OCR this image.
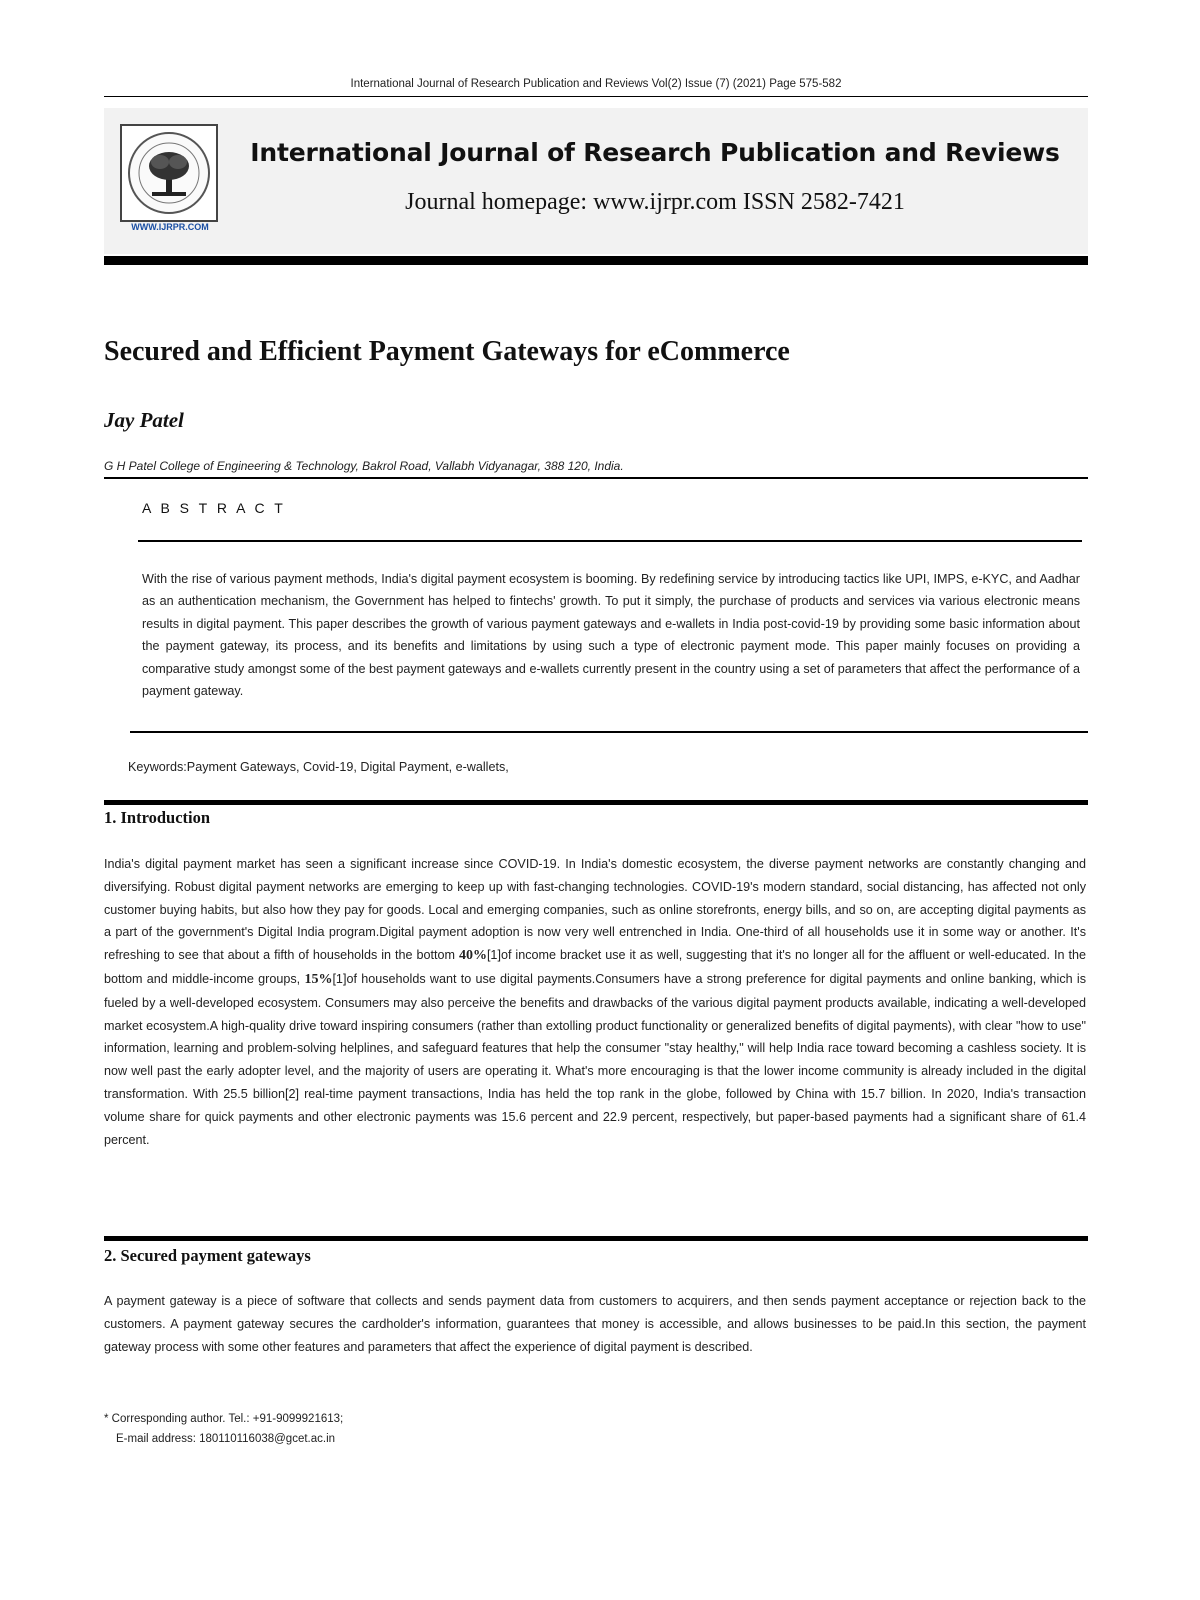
International Journal of Research Publication and Reviews Vol(2) Issue (7) (2021) Page 575-582
WWW.IJRPR.COM
International Journal of Research Publication and Reviews
Journal homepage: www.ijrpr.com ISSN 2582-7421
Secured and Efficient Payment Gateways for eCommerce
Jay Patel
G H Patel College of Engineering & Technology, Bakrol Road, Vallabh Vidyanagar, 388 120, India.
A B S T R A C T
With the rise of various payment methods, India's digital payment ecosystem is booming. By redefining service by introducing tactics like UPI, IMPS, e-KYC, and Aadhar as an authentication mechanism, the Government has helped to fintechs' growth. To put it simply, the purchase of products and services via various electronic means results in digital payment. This paper describes the growth of various payment gateways and e-wallets in India post-covid-19 by providing some basic information about the payment gateway, its process, and its benefits and limitations by using such a type of electronic payment mode. This paper mainly focuses on providing a comparative study amongst some of the best payment gateways and e-wallets currently present in the country using a set of parameters that affect the performance of a payment gateway.
Keywords:Payment Gateways, Covid-19, Digital Payment, e-wallets,
1. Introduction
India's digital payment market has seen a significant increase since COVID-19. In India's domestic ecosystem, the diverse payment networks are constantly changing and diversifying. Robust digital payment networks are emerging to keep up with fast-changing technologies. COVID-19's modern standard, social distancing, has affected not only customer buying habits, but also how they pay for goods. Local and emerging companies, such as online storefronts, energy bills, and so on, are accepting digital payments as a part of the government's Digital India program.Digital payment adoption is now very well entrenched in India. One-third of all households use it in some way or another. It's refreshing to see that about a fifth of households in the bottom 40%[1]of income bracket use it as well, suggesting that it's no longer all for the affluent or well-educated. In the bottom and middle-income groups, 15%[1]of households want to use digital payments.Consumers have a strong preference for digital payments and online banking, which is fueled by a well-developed ecosystem. Consumers may also perceive the benefits and drawbacks of the various digital payment products available, indicating a well-developed market ecosystem.A high-quality drive toward inspiring consumers (rather than extolling product functionality or generalized benefits of digital payments), with clear "how to use" information, learning and problem-solving helplines, and safeguard features that help the consumer "stay healthy," will help India race toward becoming a cashless society. It is now well past the early adopter level, and the majority of users are operating it. What's more encouraging is that the lower income community is already included in the digital transformation. With 25.5 billion[2] real-time payment transactions, India has held the top rank in the globe, followed by China with 15.7 billion. In 2020, India's transaction volume share for quick payments and other electronic payments was 15.6 percent and 22.9 percent, respectively, but paper-based payments had a significant share of 61.4 percent.
2. Secured payment gateways
A payment gateway is a piece of software that collects and sends payment data from customers to acquirers, and then sends payment acceptance or rejection back to the customers. A payment gateway secures the cardholder's information, guarantees that money is accessible, and allows businesses to be paid.In this section, the payment gateway process with some other features and parameters that affect the experience of digital payment is described.
* Corresponding author. Tel.: +91-9099921613;
E-mail address: 180110116038@gcet.ac.in
